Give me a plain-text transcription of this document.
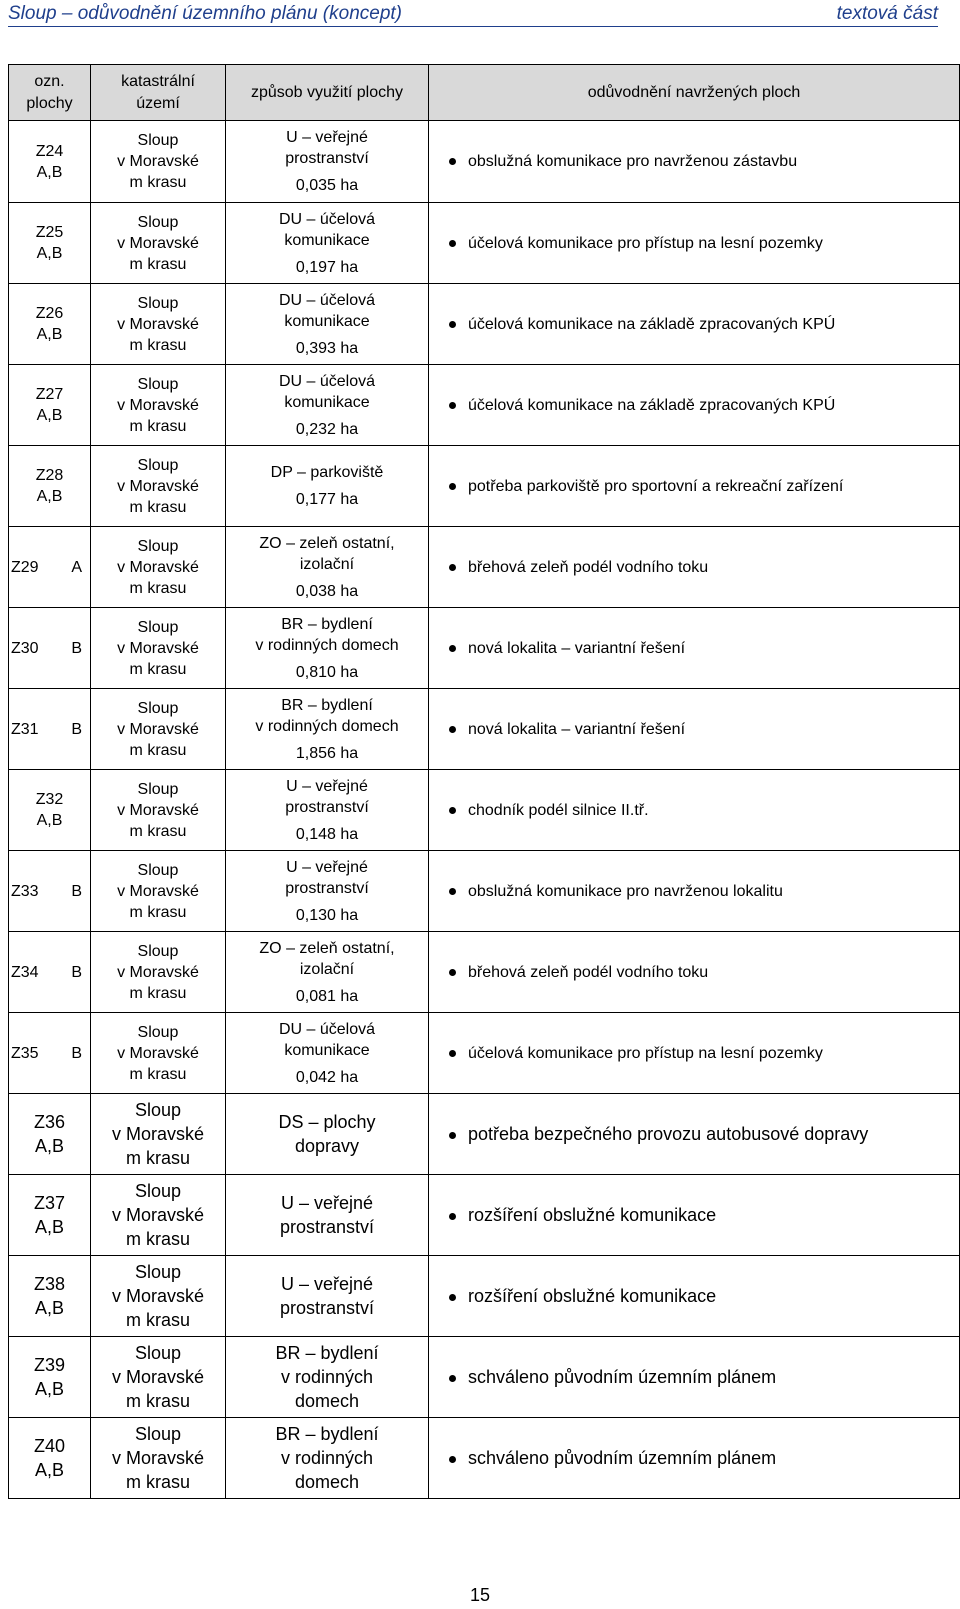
Sloup – odůvodnění územního plánu (koncept)	textová část
ozn. plochy	katastrální území	způsob využití plochy	odůvodnění navržených ploch
Z24
A,B	Sloup
v Moravské
m krasu	U – veřejné
prostranství
0,035 ha	obslužná komunikace pro navrženou zástavbu
Z25
A,B	Sloup
v Moravské
m krasu	DU – účelová
komunikace
0,197 ha	účelová komunikace pro přístup na lesní pozemky
Z26
A,B	Sloup
v Moravské
m krasu	DU – účelová
komunikace
0,393 ha	účelová komunikace na základě zpracovaných KPÚ
Z27
A,B	Sloup
v Moravské
m krasu	DU – účelová
komunikace
0,232 ha	účelová komunikace na základě zpracovaných KPÚ
Z28
A,B	Sloup
v Moravské
m krasu	DP – parkoviště
0,177 ha	potřeba parkoviště pro sportovní a rekreační zařízení

Z29 A	Sloup
v Moravské
m krasu	ZO – zeleň ostatní,
izolační
0,038 ha	břehová zeleň podél vodního toku

Z30 B	Sloup
v Moravské
m krasu	BR – bydlení
v rodinných domech
0,810 ha	nová lokalita – variantní řešení

Z31 B	Sloup
v Moravské
m krasu	BR – bydlení
v rodinných domech
1,856 ha	nová lokalita – variantní řešení
Z32
A,B	Sloup
v Moravské
m krasu	U – veřejné
prostranství
0,148 ha	chodník podél silnice II.tř.

Z33 B	Sloup
v Moravské
m krasu	U – veřejné
prostranství
0,130 ha	obslužná komunikace pro navrženou lokalitu

Z34 B	Sloup
v Moravské
m krasu	ZO – zeleň ostatní,
izolační
0,081 ha	břehová zeleň podél vodního toku

Z35 B	Sloup
v Moravské
m krasu	DU – účelová
komunikace
0,042 ha	účelová komunikace pro přístup na lesní pozemky
Z36
A,B	Sloup
v Moravské
m krasu	DS – plochy
dopravy	potřeba bezpečného provozu autobusové dopravy
Z37
A,B	Sloup
v Moravské
m krasu	U – veřejné
prostranství	rozšíření obslužné komunikace
Z38
A,B	Sloup
v Moravské
m krasu	U – veřejné
prostranství	rozšíření obslužné komunikace
Z39
A,B	Sloup
v Moravské
m krasu	BR – bydlení
v rodinných
domech	schváleno původním územním plánem
Z40
A,B	Sloup
v Moravské
m krasu	BR – bydlení
v rodinných
domech	schváleno původním územním plánem
15
